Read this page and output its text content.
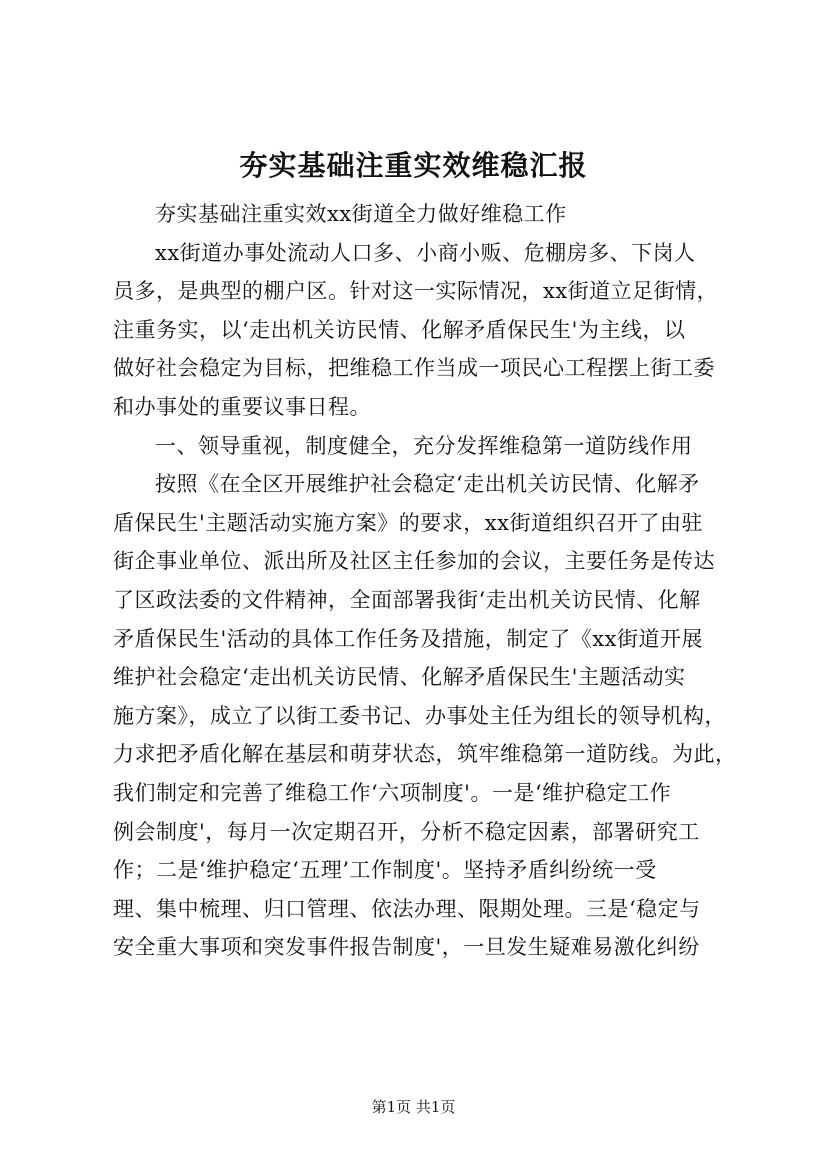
夯实基础注重实效维稳汇报
夯实基础注重实效xx街道全力做好维稳工作
xx街道办事处流动人口多、小商小贩、危棚房多、下岗人
员多，是典型的棚户区。针对这一实际情况，xx街道立足街情，
注重务实，以‘走出机关访民情、化解矛盾保民生'为主线，以
做好社会稳定为目标，把维稳工作当成一项民心工程摆上街工委
和办事处的重要议事日程。
一、领导重视，制度健全，充分发挥维稳第一道防线作用
按照《在全区开展维护社会稳定‘走出机关访民情、化解矛
盾保民生'主题活动实施方案》的要求，xx街道组织召开了由驻
街企事业单位、派出所及社区主任参加的会议，主要任务是传达
了区政法委的文件精神，全面部署我街‘走出机关访民情、化解
矛盾保民生'活动的具体工作任务及措施，制定了《xx街道开展
维护社会稳定‘走出机关访民情、化解矛盾保民生'主题活动实
施方案》，成立了以街工委书记、办事处主任为组长的领导机构，
力求把矛盾化解在基层和萌芽状态，筑牢维稳第一道防线。为此，
我们制定和完善了维稳工作‘六项制度'。一是‘维护稳定工作
例会制度'，每月一次定期召开，分析不稳定因素，部署研究工
作；二是‘维护稳定‘五理’工作制度'。坚持矛盾纠纷统一受
理、集中梳理、归口管理、依法办理、限期处理。三是‘稳定与
安全重大事项和突发事件报告制度'，一旦发生疑难易激化纠纷
第1页 共1页
